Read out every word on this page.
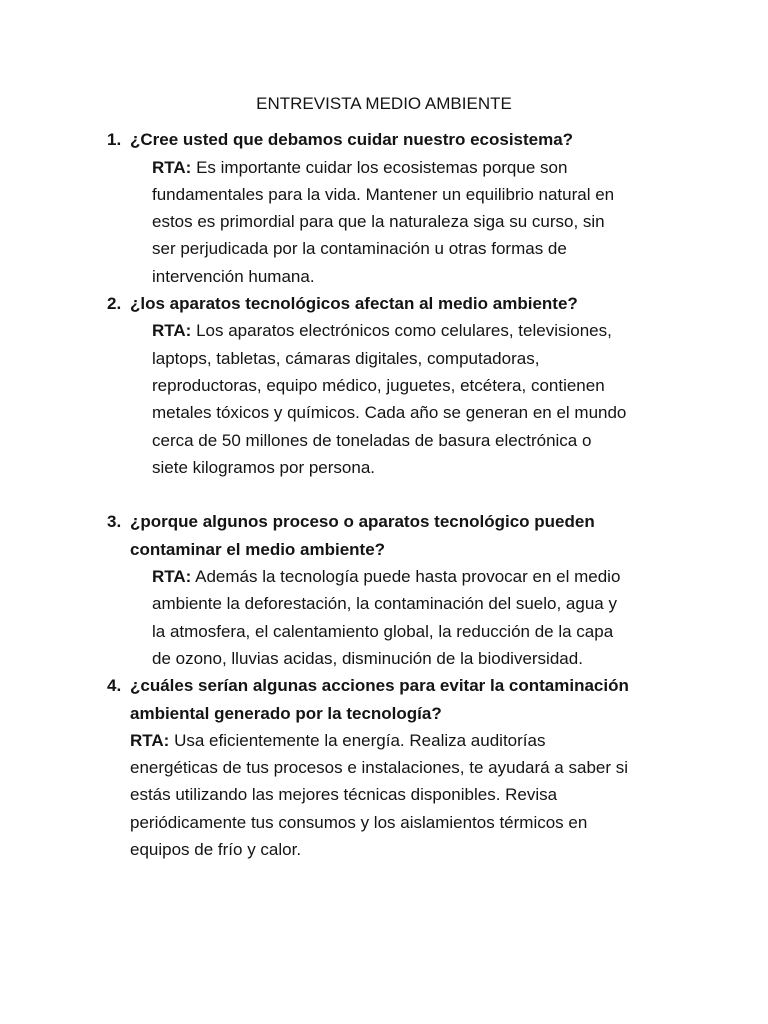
ENTREVISTA MEDIO AMBIENTE
1. ¿Cree usted que debamos cuidar nuestro ecosistema?
RTA: Es importante cuidar los ecosistemas porque son
fundamentales para la vida. Mantener un equilibrio natural en
estos es primordial para que la naturaleza siga su curso, sin
ser perjudicada por la contaminación u otras formas de
intervención humana.
2. ¿los aparatos tecnológicos afectan al medio ambiente?
RTA: Los aparatos electrónicos como celulares, televisiones,
laptops, tabletas, cámaras digitales, computadoras,
reproductoras, equipo médico, juguetes, etcétera, contienen
metales tóxicos y químicos. Cada año se generan en el mundo
cerca de 50 millones de toneladas de basura electrónica o
siete kilogramos por persona.
3. ¿porque algunos proceso o aparatos tecnológico pueden
contaminar el medio ambiente?
RTA: Además la tecnología puede hasta provocar en el medio
ambiente la deforestación, la contaminación del suelo, agua y
la atmosfera, el calentamiento global, la reducción de la capa
de ozono, lluvias acidas, disminución de la biodiversidad.
4. ¿cuáles serían algunas acciones para evitar la contaminación
ambiental generado por la tecnología?
RTA: Usa eficientemente la energía. Realiza auditorías
energéticas de tus procesos e instalaciones, te ayudará a saber si
estás utilizando las mejores técnicas disponibles. Revisa
periódicamente tus consumos y los aislamientos térmicos en
equipos de frío y calor.
